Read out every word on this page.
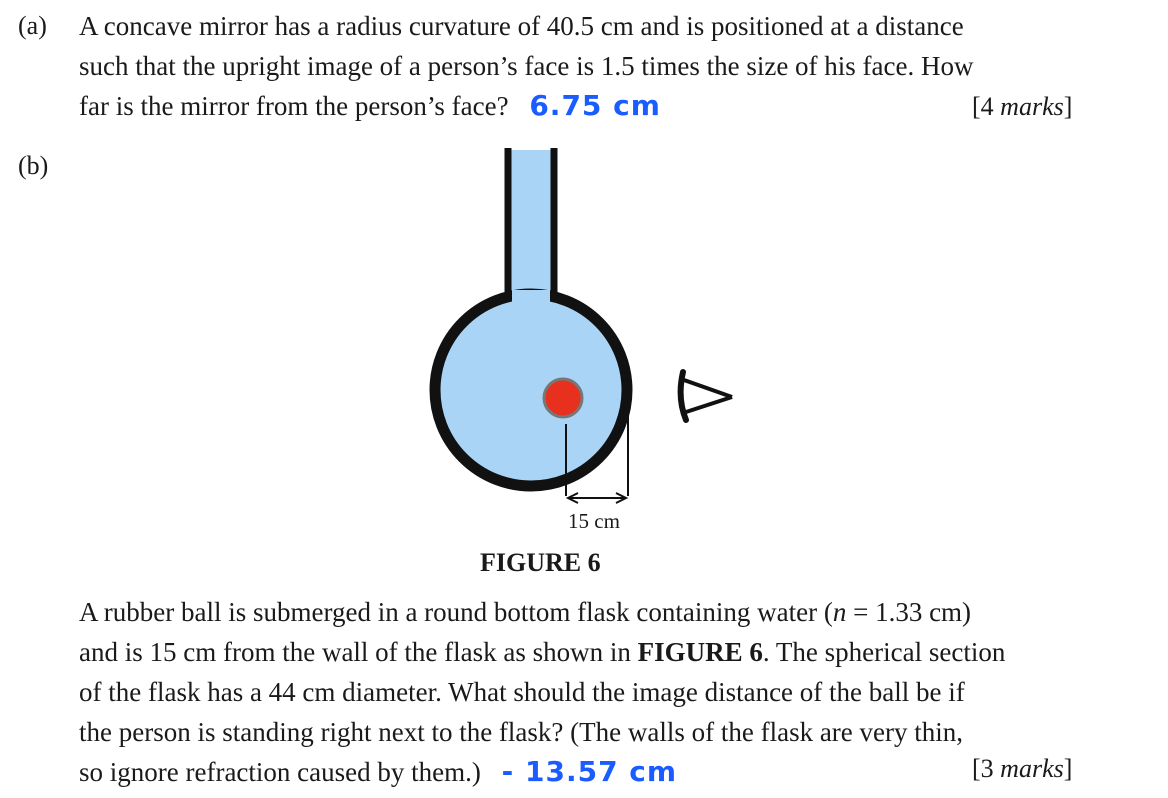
(a) A concave mirror has a radius curvature of 40.5 cm and is positioned at a distance
such that the upright image of a person’s face is 1.5 times the size of his face. How
far is the mirror from the person’s face? 6.75 cm	[4 marks]
(b)
15 cm
FIGURE 6
A rubber ball is submerged in a round bottom flask containing water (n = 1.33 cm)
and is 15 cm from the wall of the flask as shown in FIGURE 6. The spherical section
of the flask has a 44 cm diameter. What should the image distance of the ball be if
the person is standing right next to the flask? (The walls of the flask are very thin,
so ignore refraction caused by them.) - 13.57 cm	[3 marks]
